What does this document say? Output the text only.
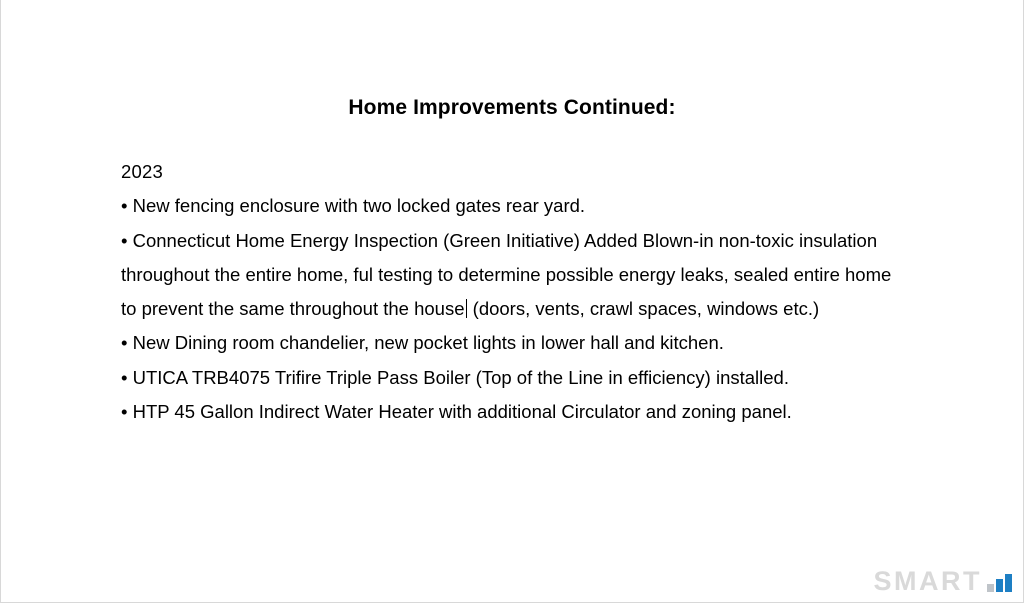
Home Improvements Continued:
2023
• New fencing enclosure with two locked gates rear yard.
• Connecticut Home Energy Inspection (Green Initiative) Added Blown-in non-toxic insulation throughout the entire home, ful testing to determine possible energy leaks, sealed entire home to prevent the same throughout the house (doors, vents, crawl spaces, windows etc.)
• New Dining room chandelier, new pocket lights in lower hall and kitchen.
• UTICA TRB4075 Trifire Triple Pass Boiler (Top of the Line in efficiency) installed.
• HTP 45 Gallon Indirect Water Heater with additional Circulator and zoning panel.
SMART
